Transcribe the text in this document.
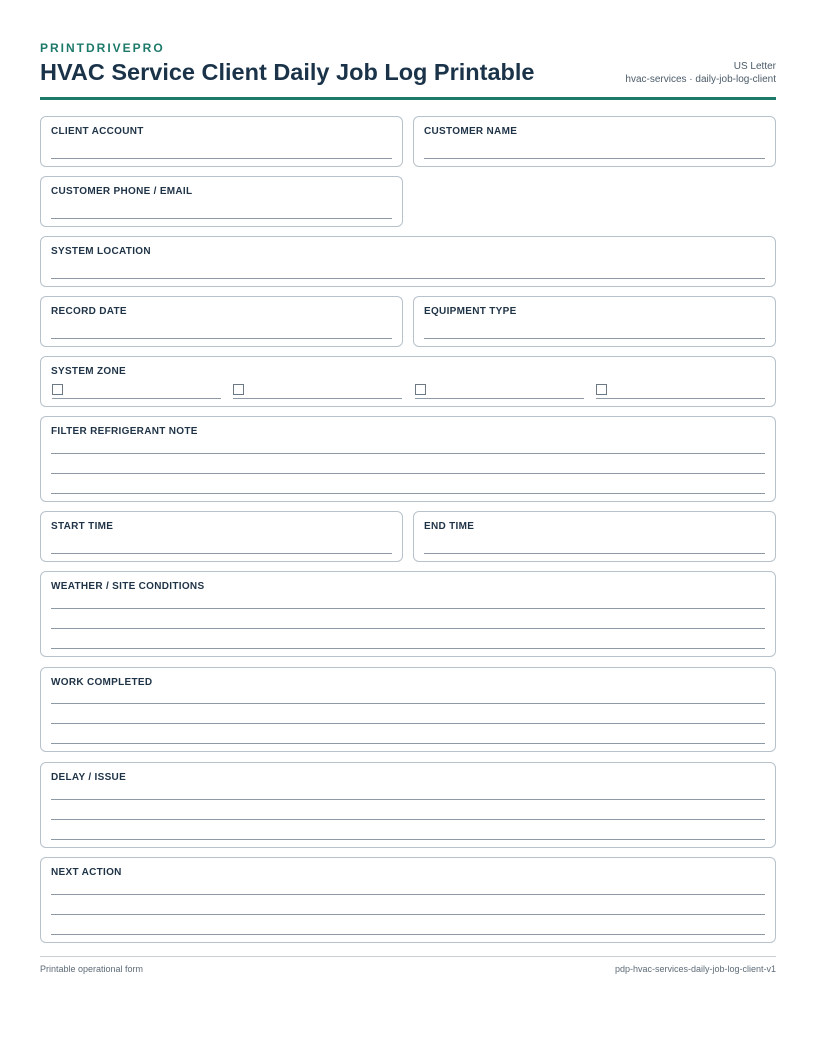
PRINTDRIVEPRO
HVAC Service Client Daily Job Log Printable	US Letter
hvac-services · daily-job-log-client
CLIENT ACCOUNT	CUSTOMER NAME
CUSTOMER PHONE / EMAIL
SYSTEM LOCATION
RECORD DATE	EQUIPMENT TYPE
SYSTEM ZONE
FILTER REFRIGERANT NOTE
START TIME	END TIME
WEATHER / SITE CONDITIONS
WORK COMPLETED
DELAY / ISSUE
NEXT ACTION
Printable operational form	pdp-hvac-services-daily-job-log-client-v1
